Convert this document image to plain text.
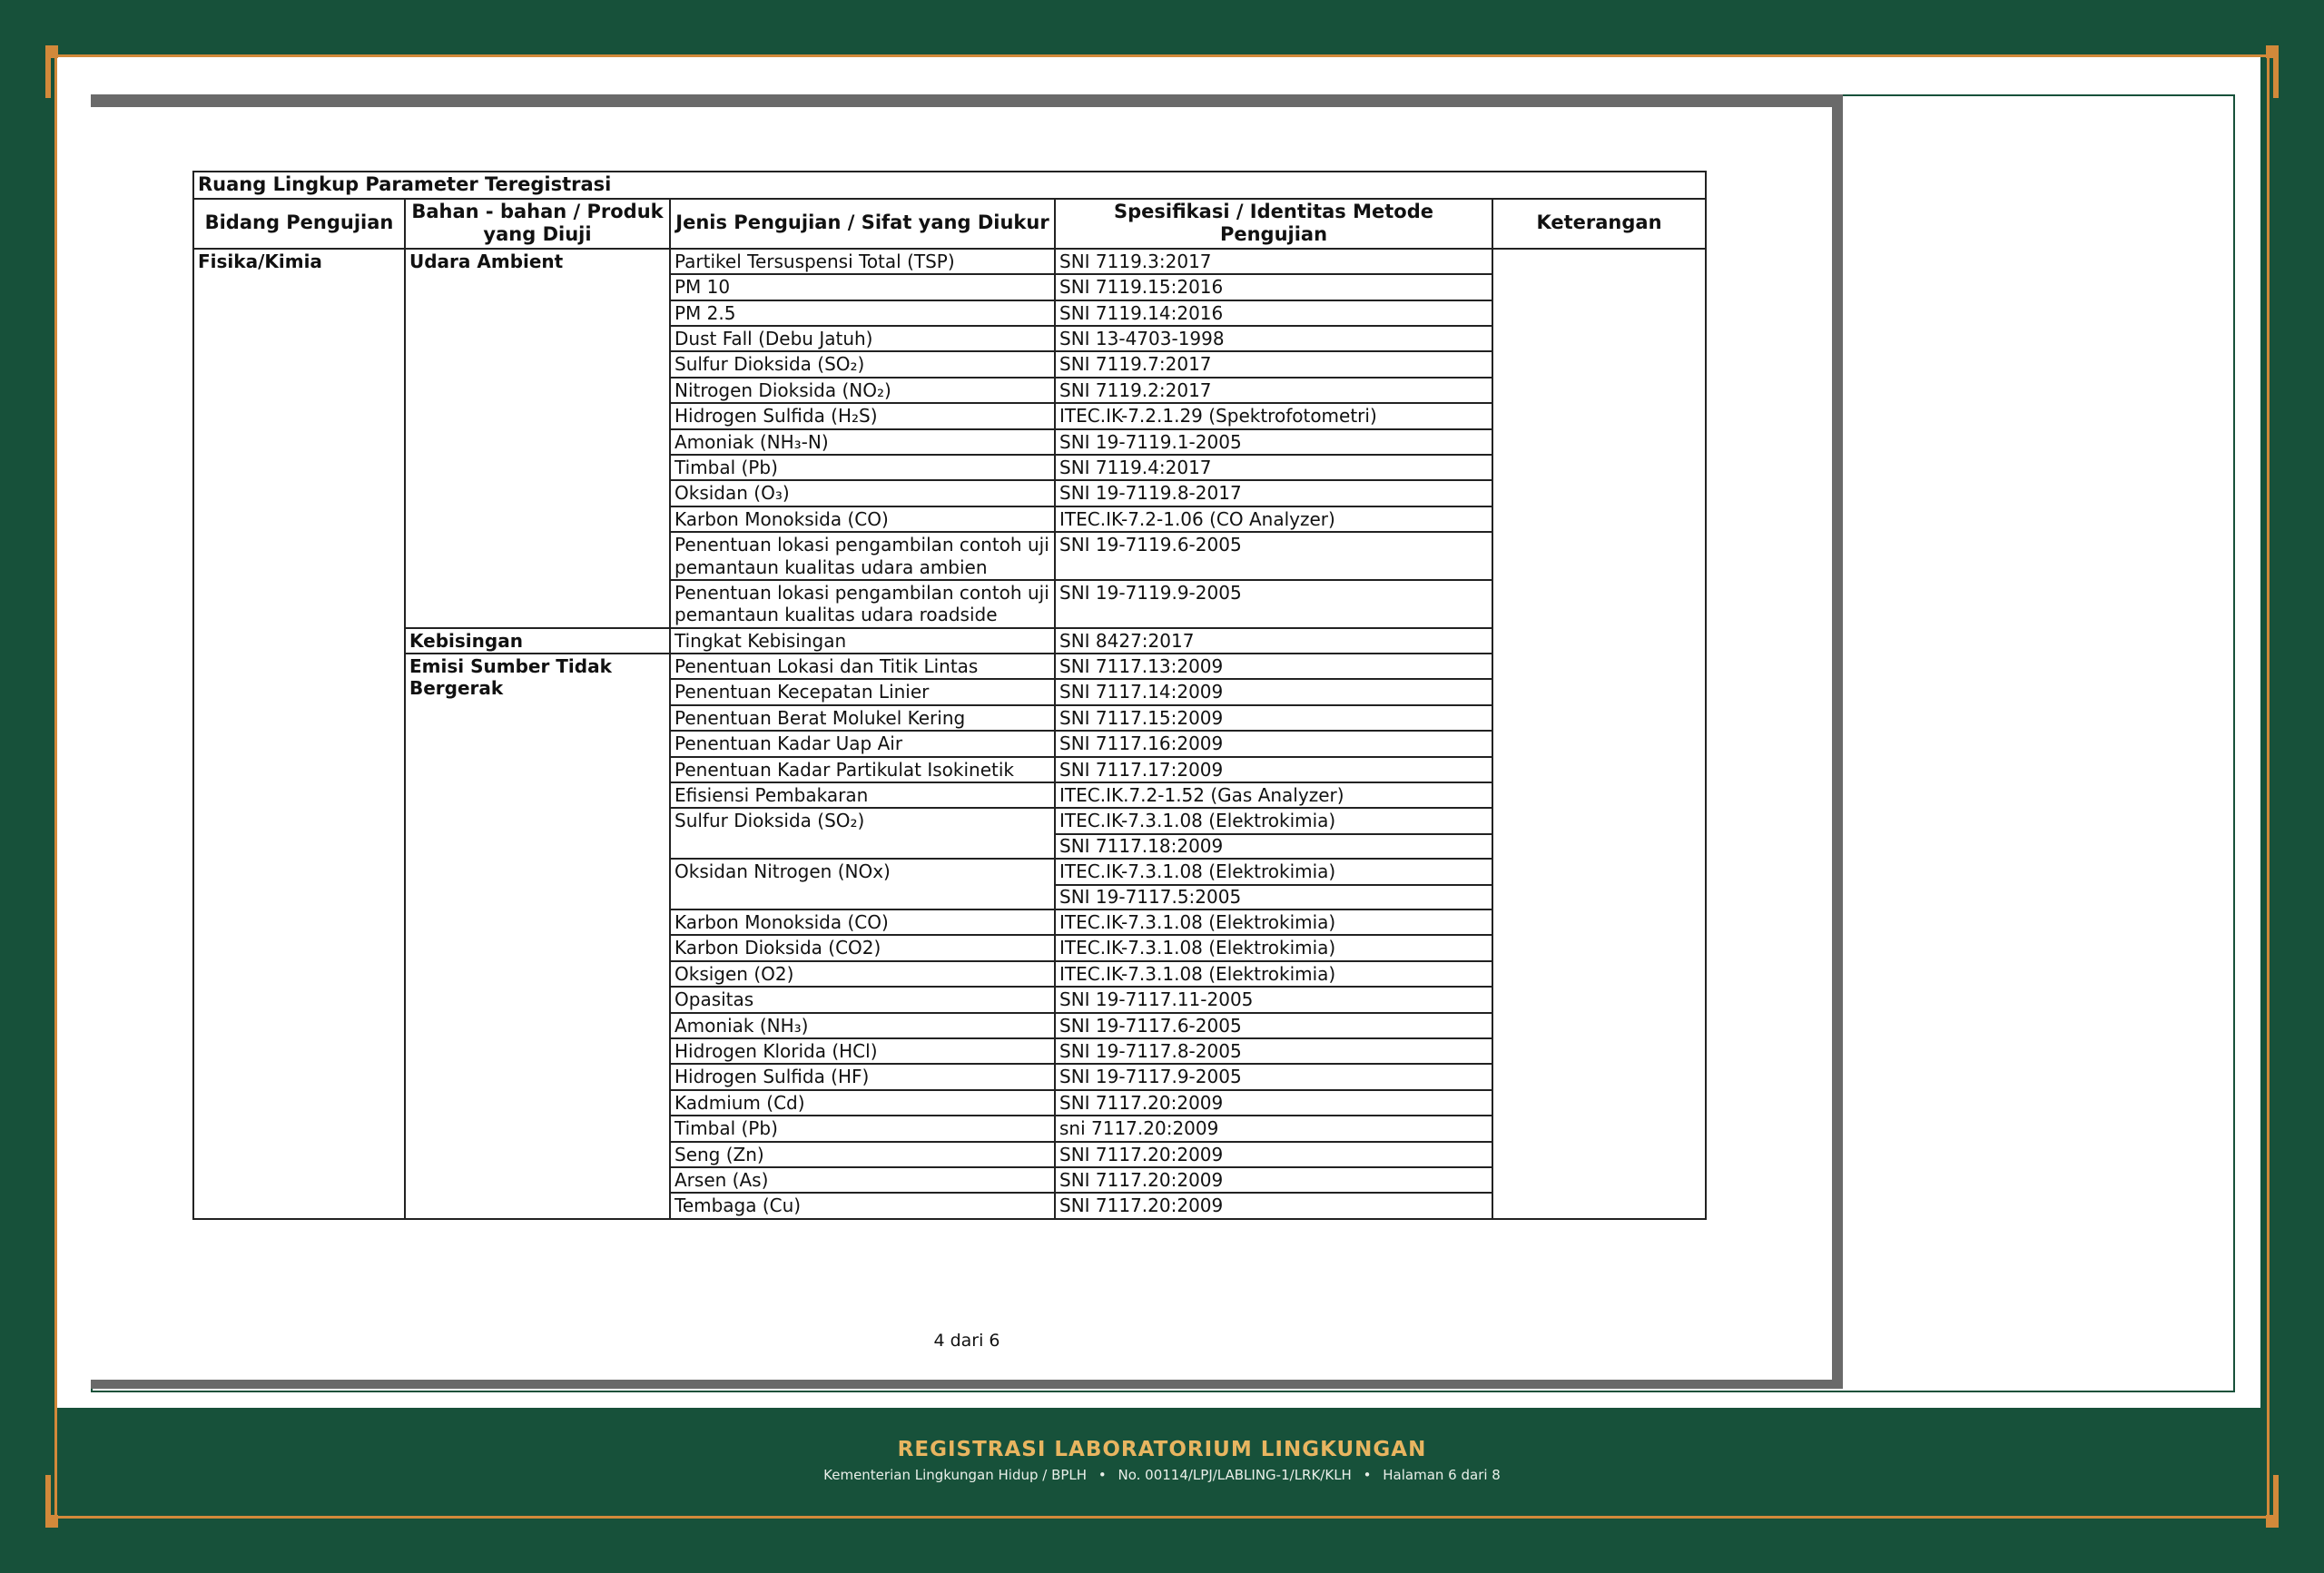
Ruang Lingkup Parameter Teregistrasi				
Bidang Pengujian	Bahan - bahan / Produk yang Diuji	Jenis Pengujian / Sifat yang Diukur	Spesifikasi / Identitas Metode Pengujian	Keterangan
Fisika/Kimia	Udara Ambient	Partikel Tersuspensi Total (TSP)	SNI 7119.3:2017	

		PM 10	SNI 7119.15:2016	

		PM 2.5	SNI 7119.14:2016	

		Dust Fall (Debu Jatuh)	SNI 13-4703-1998	

		Sulfur Dioksida (SO₂)	SNI 7119.7:2017	

		Nitrogen Dioksida (NO₂)	SNI 7119.2:2017	

		Hidrogen Sulfida (H₂S)	ITEC.IK-7.2.1.29 (Spektrofotometri)	

		Amoniak (NH₃-N)	SNI 19-7119.1-2005	

		Timbal (Pb)	SNI 7119.4:2017	

		Oksidan (O₃)	SNI 19-7119.8-2017	

		Karbon Monoksida (CO)	ITEC.IK-7.2-1.06 (CO Analyzer)	

		Penentuan lokasi pengambilan contoh uji pemantaun kualitas udara ambien	SNI 19-7119.6-2005	

		Penentuan lokasi pengambilan contoh uji pemantaun kualitas udara roadside	SNI 19-7119.9-2005	

	Kebisingan	Tingkat Kebisingan	SNI 8427:2017	

	Emisi Sumber Tidak Bergerak	Penentuan Lokasi dan Titik Lintas	SNI 7117.13:2009	

		Penentuan Kecepatan Linier	SNI 7117.14:2009	

		Penentuan Berat Molukel Kering	SNI 7117.15:2009	

		Penentuan Kadar Uap Air	SNI 7117.16:2009	

		Penentuan Kadar Partikulat Isokinetik	SNI 7117.17:2009	

		Efisiensi Pembakaran	ITEC.IK.7.2-1.52 (Gas Analyzer)	

		Sulfur Dioksida (SO₂)	ITEC.IK-7.3.1.08 (Elektrokimia)
SNI 7117.18:2009	

		Oksidan Nitrogen (NOx)	ITEC.IK-7.3.1.08 (Elektrokimia)
SNI 19-7117.5:2005	

		Karbon Monoksida (CO)	ITEC.IK-7.3.1.08 (Elektrokimia)	

		Karbon Dioksida (CO2)	ITEC.IK-7.3.1.08 (Elektrokimia)	

		Oksigen (O2)	ITEC.IK-7.3.1.08 (Elektrokimia)	

		Opasitas	SNI 19-7117.11-2005	

		Amoniak (NH₃)	SNI 19-7117.6-2005	

		Hidrogen Klorida (HCl)	SNI 19-7117.8-2005	

		Hidrogen Sulfida (HF)	SNI 19-7117.9-2005	

		Kadmium (Cd)	SNI 7117.20:2009	

		Timbal (Pb)	sni 7117.20:2009	

		Seng (Zn)	SNI 7117.20:2009	

		Arsen (As)	SNI 7117.20:2009	

		Tembaga (Cu)	SNI 7117.20:2009	
4 dari 6
REGISTRASI LABORATORIUM LINGKUNGAN
Kementerian Lingkungan Hidup / BPLH • No. 00114/LPJ/LABLING-1/LRK/KLH • Halaman 6 dari 8
